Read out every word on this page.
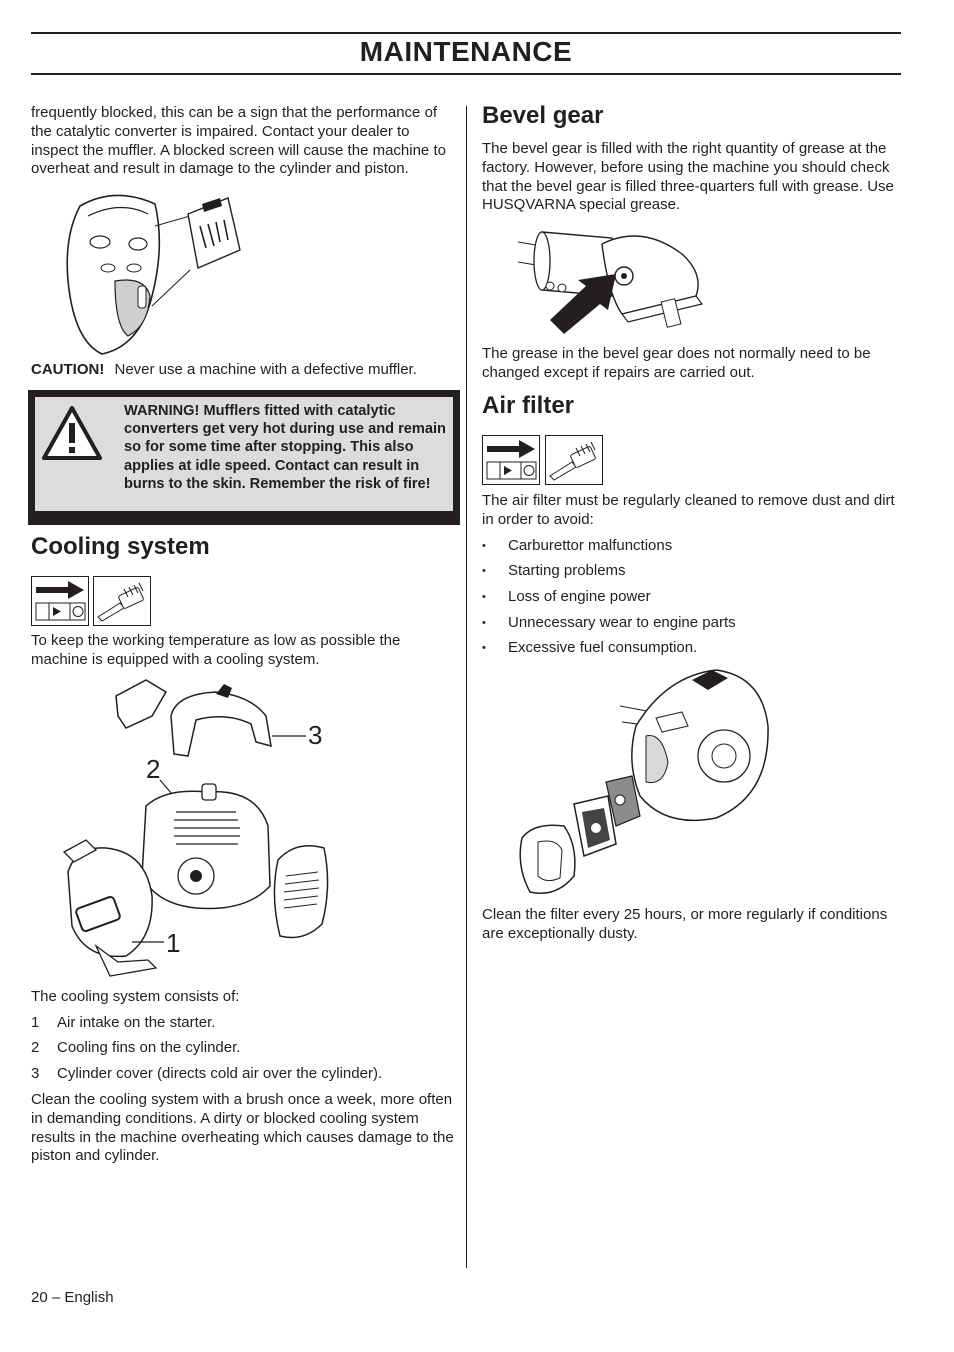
MAINTENANCE

frequently blocked, this can be a sign that the performance of the catalytic converter is impaired. Contact your dealer to inspect the muffler. A blocked screen will cause the machine to overheat and result in damage to the cylinder and piston.

CAUTION! Never use a machine with a defective muffler.

WARNING! Mufflers fitted with catalytic converters get very hot during use and remain so for some time after stopping. This also applies at idle speed. Contact can result in burns to the skin. Remember the risk of fire!

Cooling system

To keep the working temperature as low as possible the machine is equipped with a cooling system.

3
2
1
The cooling system consists of:
1 Air intake on the starter.
2 Cooling fins on the cylinder.
3 Cylinder cover (directs cold air over the cylinder).

Clean the cooling system with a brush once a week, more often in demanding conditions. A dirty or blocked cooling system results in the machine overheating which causes damage to the piston and cylinder.

20 – English
Bevel gear

The bevel gear is filled with the right quantity of grease at the factory. However, before using the machine you should check that the bevel gear is filled three-quarters full with grease. Use HUSQVARNA special grease.

The grease in the bevel gear does not normally need to be changed except if repairs are carried out.

Air filter

The air filter must be regularly cleaned to remove dust and dirt in order to avoid:

• Carburettor malfunctions
• Starting problems
• Loss of engine power
• Unnecessary wear to engine parts
• Excessive fuel consumption.

Clean the filter every 25 hours, or more regularly if conditions are exceptionally dusty.
